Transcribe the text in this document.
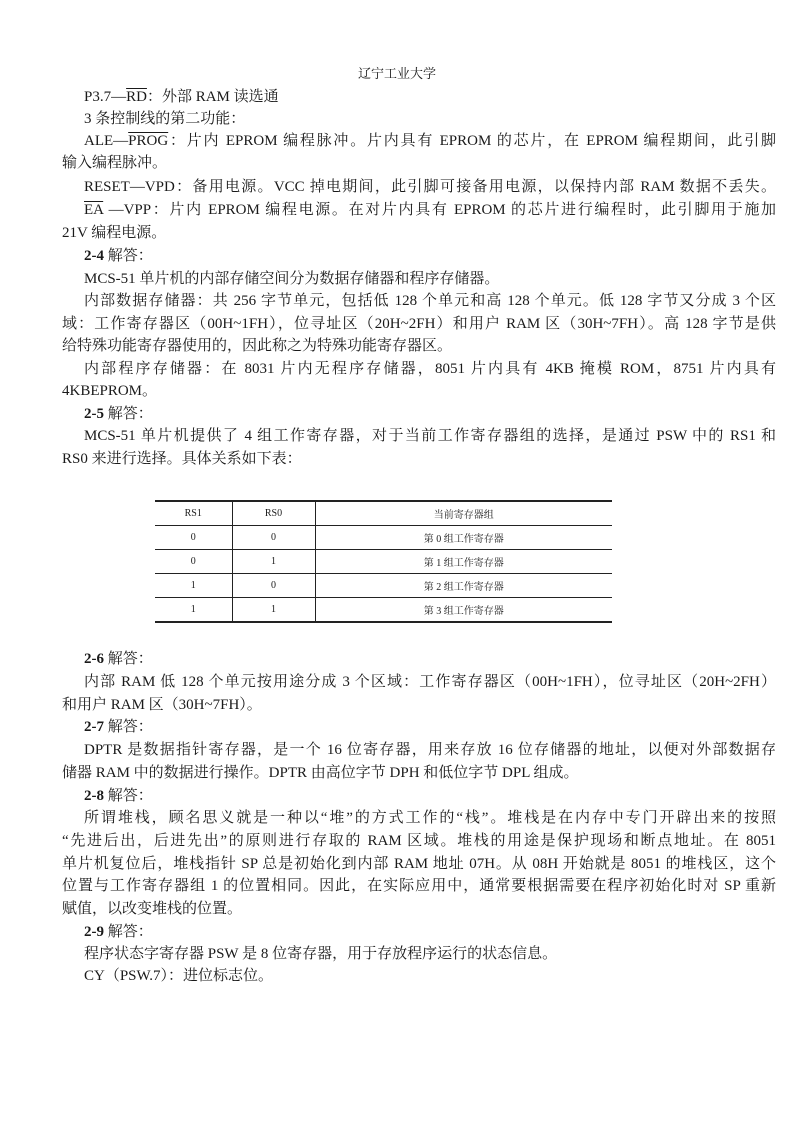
辽宁工业大学
$P3.7—\overline{RD}$：外部 RAM 读选通
3 条控制线的第二功能：
ALE—PROG：片内 EPROM 编程脉冲。片内具有 EPROM 的芯片，在 EPROM 编程期间，此引脚
输入编程脉冲。
RESET—VPD：备用电源。VCC 掉电期间，此引脚可接备用电源，以保持内部 RAM 数据不丢失。
$\overline{EA}$ —VPP：片内 EPROM 编程电源。在对片内具有 EPROM 的芯片进行编程时，此引脚用于施加
21V 编程电源。
2-4 解答：
MCS-51 单片机的内部存储空间分为数据存储器和程序存储器。
内部数据存储器：共 256 字节单元，包括低 128 个单元和高 128 个单元。低 128 字节又分成 3 个区
域：工作寄存器区（00H~1FH），位寻址区（20H~2FH）和用户 RAM 区（30H~7FH）。高 128 字节是供
给特殊功能寄存器使用的，因此称之为特殊功能寄存器区。
内部程序存储器：在 8031 片内无程序存储器，8051 片内具有 4KB 掩模 ROM，8751 片内具有
4KBEPROM。
2-5 解答：
MCS-51 单片机提供了 4 组工作寄存器，对于当前工作寄存器组的选择，是通过 PSW 中的 RS1 和
RS0 来进行选择。具体关系如下表：
RS1	RS0	当前寄存器组
0	0	第 0 组工作寄存器
0	1	第 1 组工作寄存器
1	0	第 2 组工作寄存器
1	1	第 3 组工作寄存器
2-6 解答：
内部 RAM 低 128 个单元按用途分成 3 个区域：工作寄存器区（00H~1FH），位寻址区（20H~2FH）
和用户 RAM 区（30H~7FH）。
2-7 解答：
DPTR 是数据指针寄存器，是一个 16 位寄存器，用来存放 16 位存储器的地址，以便对外部数据存
储器 RAM 中的数据进行操作。DPTR 由高位字节 DPH 和低位字节 DPL 组成。
2-8 解答：
所谓堆栈，顾名思义就是一种以“堆”的方式工作的“栈”。堆栈是在内存中专门开辟出来的按照
“先进后出，后进先出”的原则进行存取的 RAM 区域。堆栈的用途是保护现场和断点地址。在 8051
单片机复位后，堆栈指针 SP 总是初始化到内部 RAM 地址 07H。从 08H 开始就是 8051 的堆栈区，这个
位置与工作寄存器组 1 的位置相同。因此，在实际应用中，通常要根据需要在程序初始化时对 SP 重新
赋值，以改变堆栈的位置。
2-9 解答：
程序状态字寄存器 PSW 是 8 位寄存器，用于存放程序运行的状态信息。
CY（PSW.7）：进位标志位。
